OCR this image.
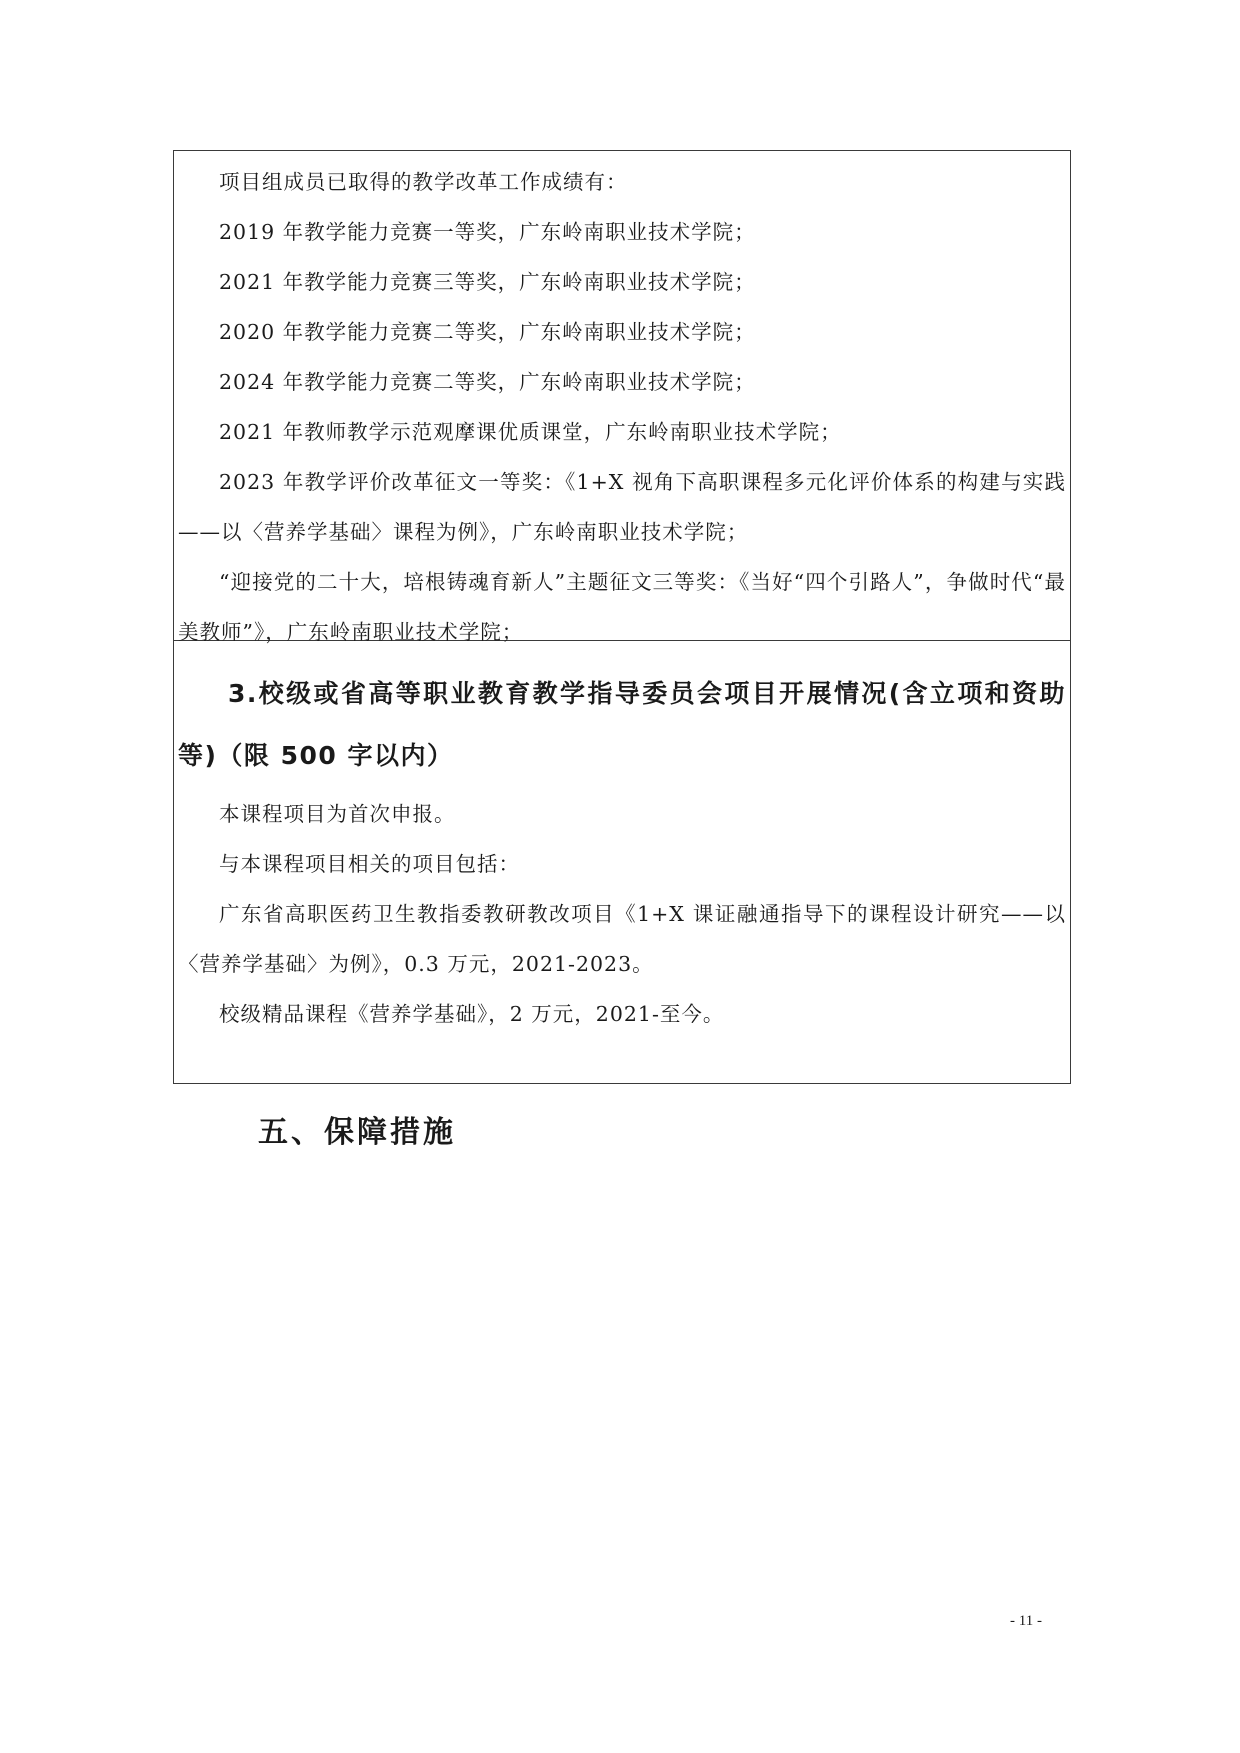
项目组成员已取得的教学改革工作成绩有：

2019 年教学能力竞赛一等奖，广东岭南职业技术学院；

2021 年教学能力竞赛三等奖，广东岭南职业技术学院；

2020 年教学能力竞赛二等奖，广东岭南职业技术学院；

2024 年教学能力竞赛二等奖，广东岭南职业技术学院；

2021 年教师教学示范观摩课优质课堂，广东岭南职业技术学院；

2023 年教学评价改革征文一等奖：《1+X 视角下高职课程多元化评价体系的构建与实践——以〈营养学基础〉课程为例》，广东岭南职业技术学院；

“迎接党的二十大，培根铸魂育新人”主题征文三等奖：《当好“四个引路人”，争做时代“最美教师”》，广东岭南职业技术学院；

3.校级或省高等职业教育教学指导委员会项目开展情况(含立项和资助等)（限 500 字以内）

本课程项目为首次申报。

与本课程项目相关的项目包括：

广东省高职医药卫生教指委教研教改项目《1+X 课证融通指导下的课程设计研究——以〈营养学基础〉为例》，0.3 万元，2021-2023。

校级精品课程《营养学基础》，2 万元，2021-至今。

五、保障措施

- 11 -
